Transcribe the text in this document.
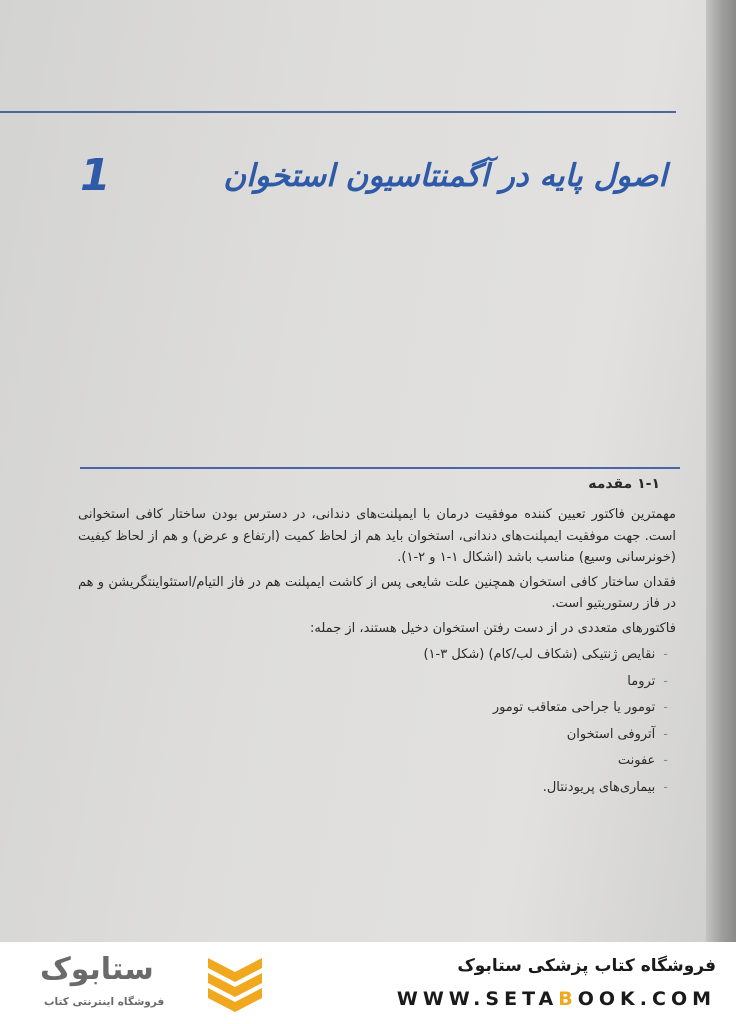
اصول پایه در آگمنتاسیون استخوان
1
۱-۱ مقدمه

مهمترین فاکتور تعیین کننده موفقیت درمان با ایمپلنت‌های دندانی، در دسترس بودن ساختار کافی استخوانی است. جهت موفقیت ایمپلنت‌های دندانی، استخوان باید هم از لحاظ کمیت (ارتفاع و عرض) و هم از لحاظ کیفیت (خونرسانی وسیع) مناسب باشد (اشکال ۱-۱ و ۲-۱).

فقدان ساختار کافی استخوان همچنین علت شایعی پس از کاشت ایمپلنت هم در فاز التیام/استئواینتگریشن و هم در فاز رستوریتیو است.

فاکتورهای متعددی در از دست رفتن استخوان دخیل هستند، از جمله:

-نقایص ژنتیکی (شکاف لب/کام) (شکل ۳-۱)
-تروما
-تومور یا جراحی متعاقب تومور
-آتروفی استخوان
-عفونت
-بیماری‌های پریودنتال.

فروشگاه کتاب پزشکی ستابوک

WWW.SETABOOK.COM

ستابوک

فروشگاه اینترنتی کتاب
